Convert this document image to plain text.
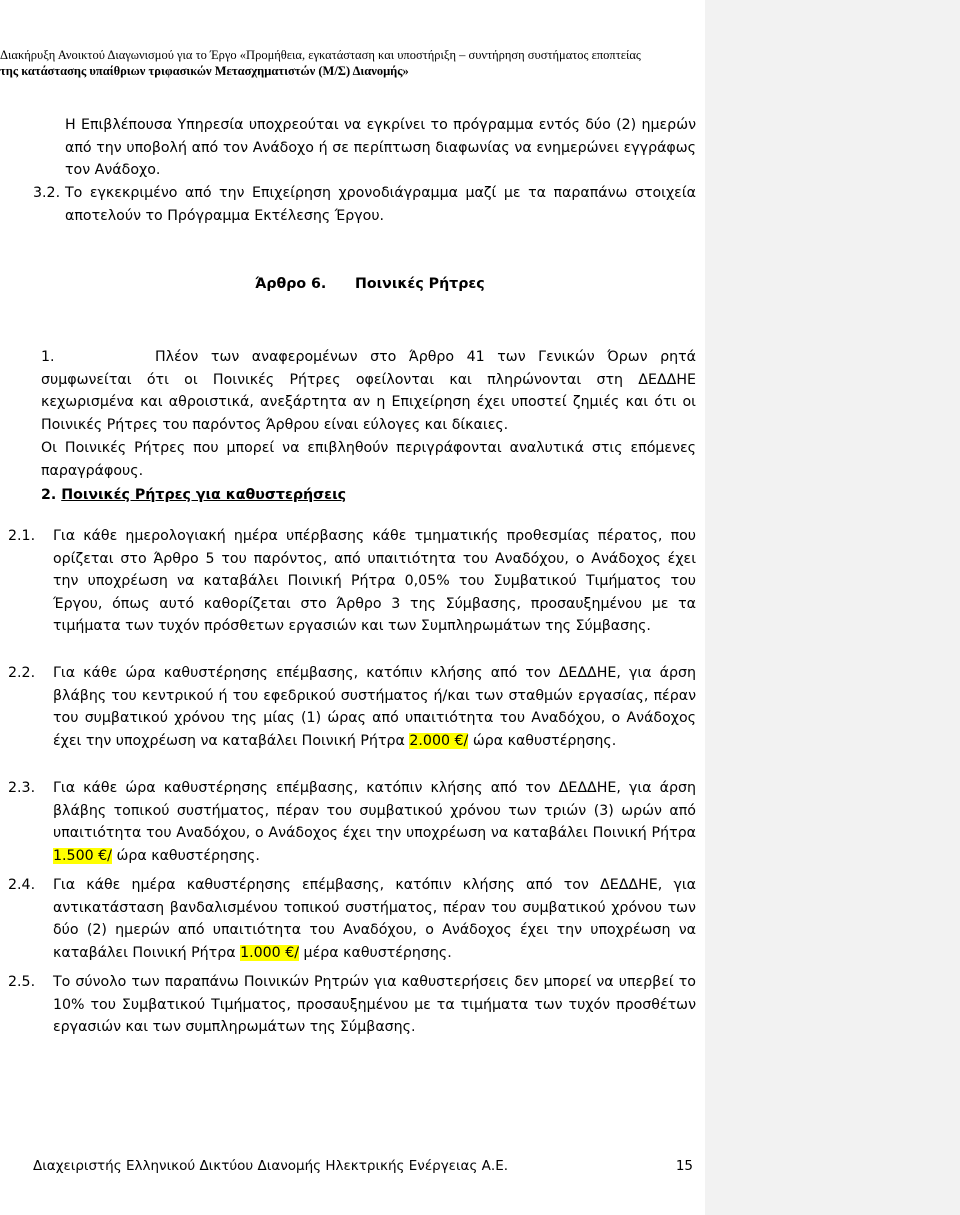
Διακήρυξη Ανοικτού Διαγωνισμού για το Έργο «Προμήθεια, εγκατάσταση και υποστήριξη – συντήρηση συστήματος εποπτείας
της κατάστασης υπαίθριων τριφασικών Μετασχηματιστών (Μ/Σ) Διανομής»
Η Επιβλέπουσα Υπηρεσία υποχρεούται να εγκρίνει το πρόγραμμα εντός δύο (2) ημερών από την υποβολή από τον Ανάδοχο ή σε περίπτωση διαφωνίας να ενημερώνει εγγράφως τον Ανάδοχο.
3.2. Το εγκεκριμένο από την Επιχείρηση χρονοδιάγραμμα μαζί με τα παραπάνω στοιχεία αποτελούν το Πρόγραμμα Εκτέλεσης Έργου.
Άρθρο 6. Ποινικές Ρήτρες
1.	Πλέον των αναφερομένων στο Άρθρο 41 των Γενικών Όρων ρητά συμφωνείται ότι οι Ποινικές Ρήτρες οφείλονται και πληρώνονται στη ΔΕΔΔΗΕ κεχωρισμένα και αθροιστικά, ανεξάρτητα αν η Επιχείρηση έχει υποστεί ζημιές και ότι οι Ποινικές Ρήτρες του παρόντος Άρθρου είναι εύλογες και δίκαιες.
Οι Ποινικές Ρήτρες που μπορεί να επιβληθούν περιγράφονται αναλυτικά στις επόμενες παραγράφους.
2. Ποινικές Ρήτρες για καθυστερήσεις
2.1. Για κάθε ημερολογιακή ημέρα υπέρβασης κάθε τμηματικής προθεσμίας πέρατος, που ορίζεται στο Άρθρο 5 του παρόντος, από υπαιτιότητα του Αναδόχου, ο Ανάδοχος έχει την υποχρέωση να καταβάλει Ποινική Ρήτρα 0,05% του Συμβατικού Τιμήματος του Έργου, όπως αυτό καθορίζεται στο Άρθρο 3 της Σύμβασης, προσαυξημένου με τα τιμήματα των τυχόν πρόσθετων εργασιών και των Συμπληρωμάτων της Σύμβασης.
2.2. Για κάθε ώρα καθυστέρησης επέμβασης, κατόπιν κλήσης από τον ΔΕΔΔΗΕ, για άρση βλάβης του κεντρικού ή του εφεδρικού συστήματος ή/και των σταθμών εργασίας, πέραν του συμβατικού χρόνου της μίας (1) ώρας από υπαιτιότητα του Αναδόχου, ο Ανάδοχος έχει την υποχρέωση να καταβάλει Ποινική Ρήτρα 2.000 €/ ώρα καθυστέρησης.
2.3. Για κάθε ώρα καθυστέρησης επέμβασης, κατόπιν κλήσης από τον ΔΕΔΔΗΕ, για άρση βλάβης τοπικού συστήματος, πέραν του συμβατικού χρόνου των τριών (3) ωρών από υπαιτιότητα του Αναδόχου, ο Ανάδοχος έχει την υποχρέωση να καταβάλει Ποινική Ρήτρα 1.500 €/ ώρα καθυστέρησης.
2.4. Για κάθε ημέρα καθυστέρησης επέμβασης, κατόπιν κλήσης από τον ΔΕΔΔΗΕ, για αντικατάσταση βανδαλισμένου τοπικού συστήματος, πέραν του συμβατικού χρόνου των δύο (2) ημερών από υπαιτιότητα του Αναδόχου, ο Ανάδοχος έχει την υποχρέωση να καταβάλει Ποινική Ρήτρα 1.000 €/ μέρα καθυστέρησης.
2.5. Το σύνολο των παραπάνω Ποινικών Ρητρών για καθυστερήσεις δεν μπορεί να υπερβεί το 10% του Συμβατικού Τιμήματος, προσαυξημένου με τα τιμήματα των τυχόν προσθέτων εργασιών και των συμπληρωμάτων της Σύμβασης.
Διαχειριστής Ελληνικού Δικτύου Διανομής Ηλεκτρικής Ενέργειας Α.Ε.	15
